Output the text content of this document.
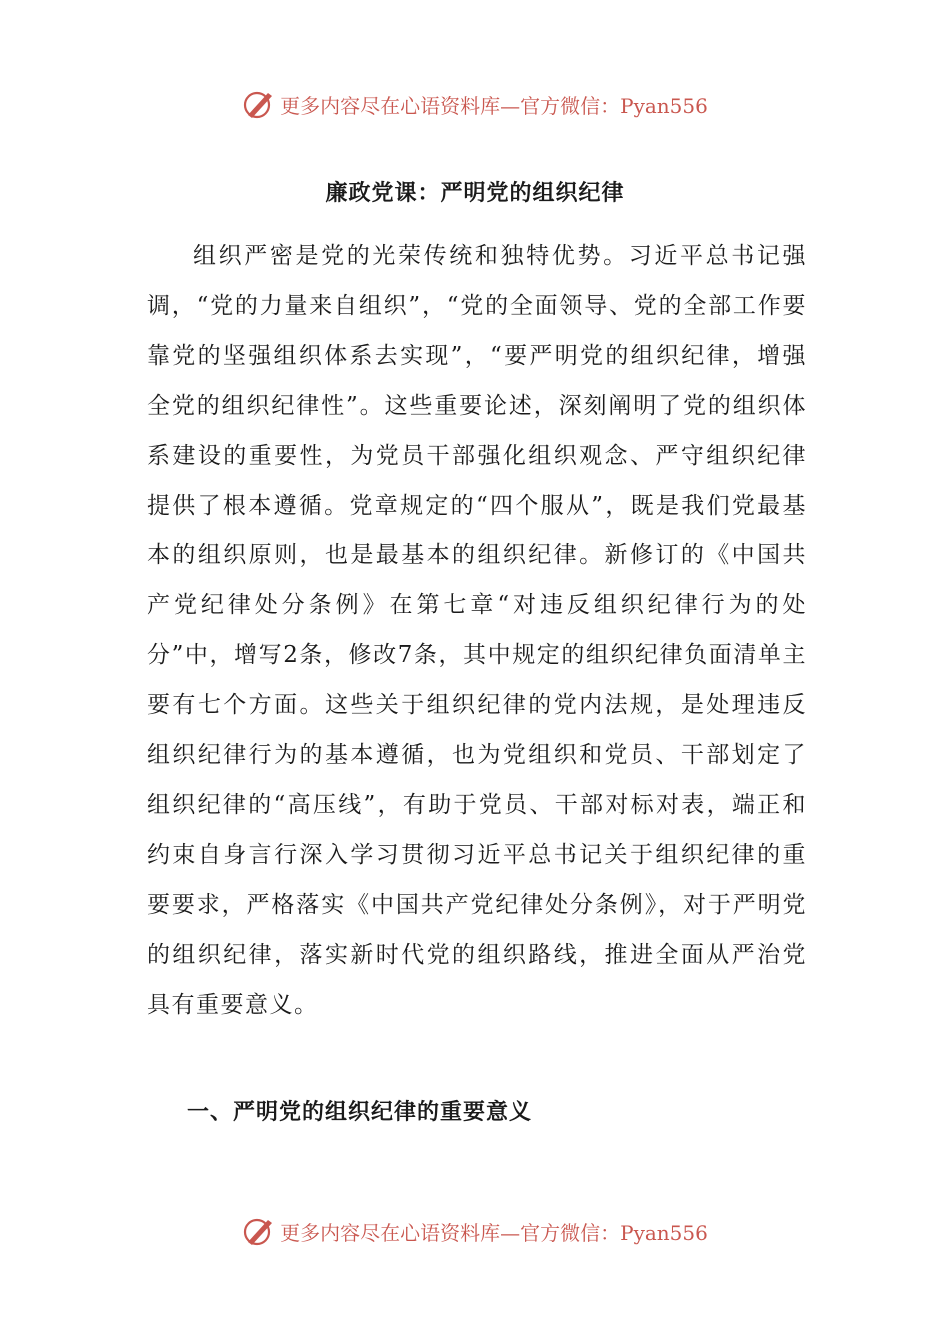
更多内容尽在心语资料库—官方微信：Pyan556
廉政党课：严明党的组织纪律

组织严密是党的光荣传统和独特优势。习近平总书记强调，“党的力量来自组织”，“党的全面领导、党的全部工作要靠党的坚强组织体系去实现”，“要严明党的组织纪律，增强全党的组织纪律性”。这些重要论述，深刻阐明了党的组织体系建设的重要性，为党员干部强化组织观念、严守组织纪律提供了根本遵循。党章规定的“四个服从”，既是我们党最基本的组织原则，也是最基本的组织纪律。新修订的《中国共产党纪律处分条例》在第七章“对违反组织纪律行为的处分”中，增写2条，修改7条，其中规定的组织纪律负面清单主要有七个方面。这些关于组织纪律的党内法规，是处理违反组织纪律行为的基本遵循，也为党组织和党员、干部划定了组织纪律的“高压线”，有助于党员、干部对标对表，端正和约束自身言行深入学习贯彻习近平总书记关于组织纪律的重要要求，严格落实《中国共产党纪律处分条例》，对于严明党的组织纪律，落实新时代党的组织路线，推进全面从严治党具有重要意义。

一、严明党的组织纪律的重要意义
更多内容尽在心语资料库—官方微信：Pyan556
